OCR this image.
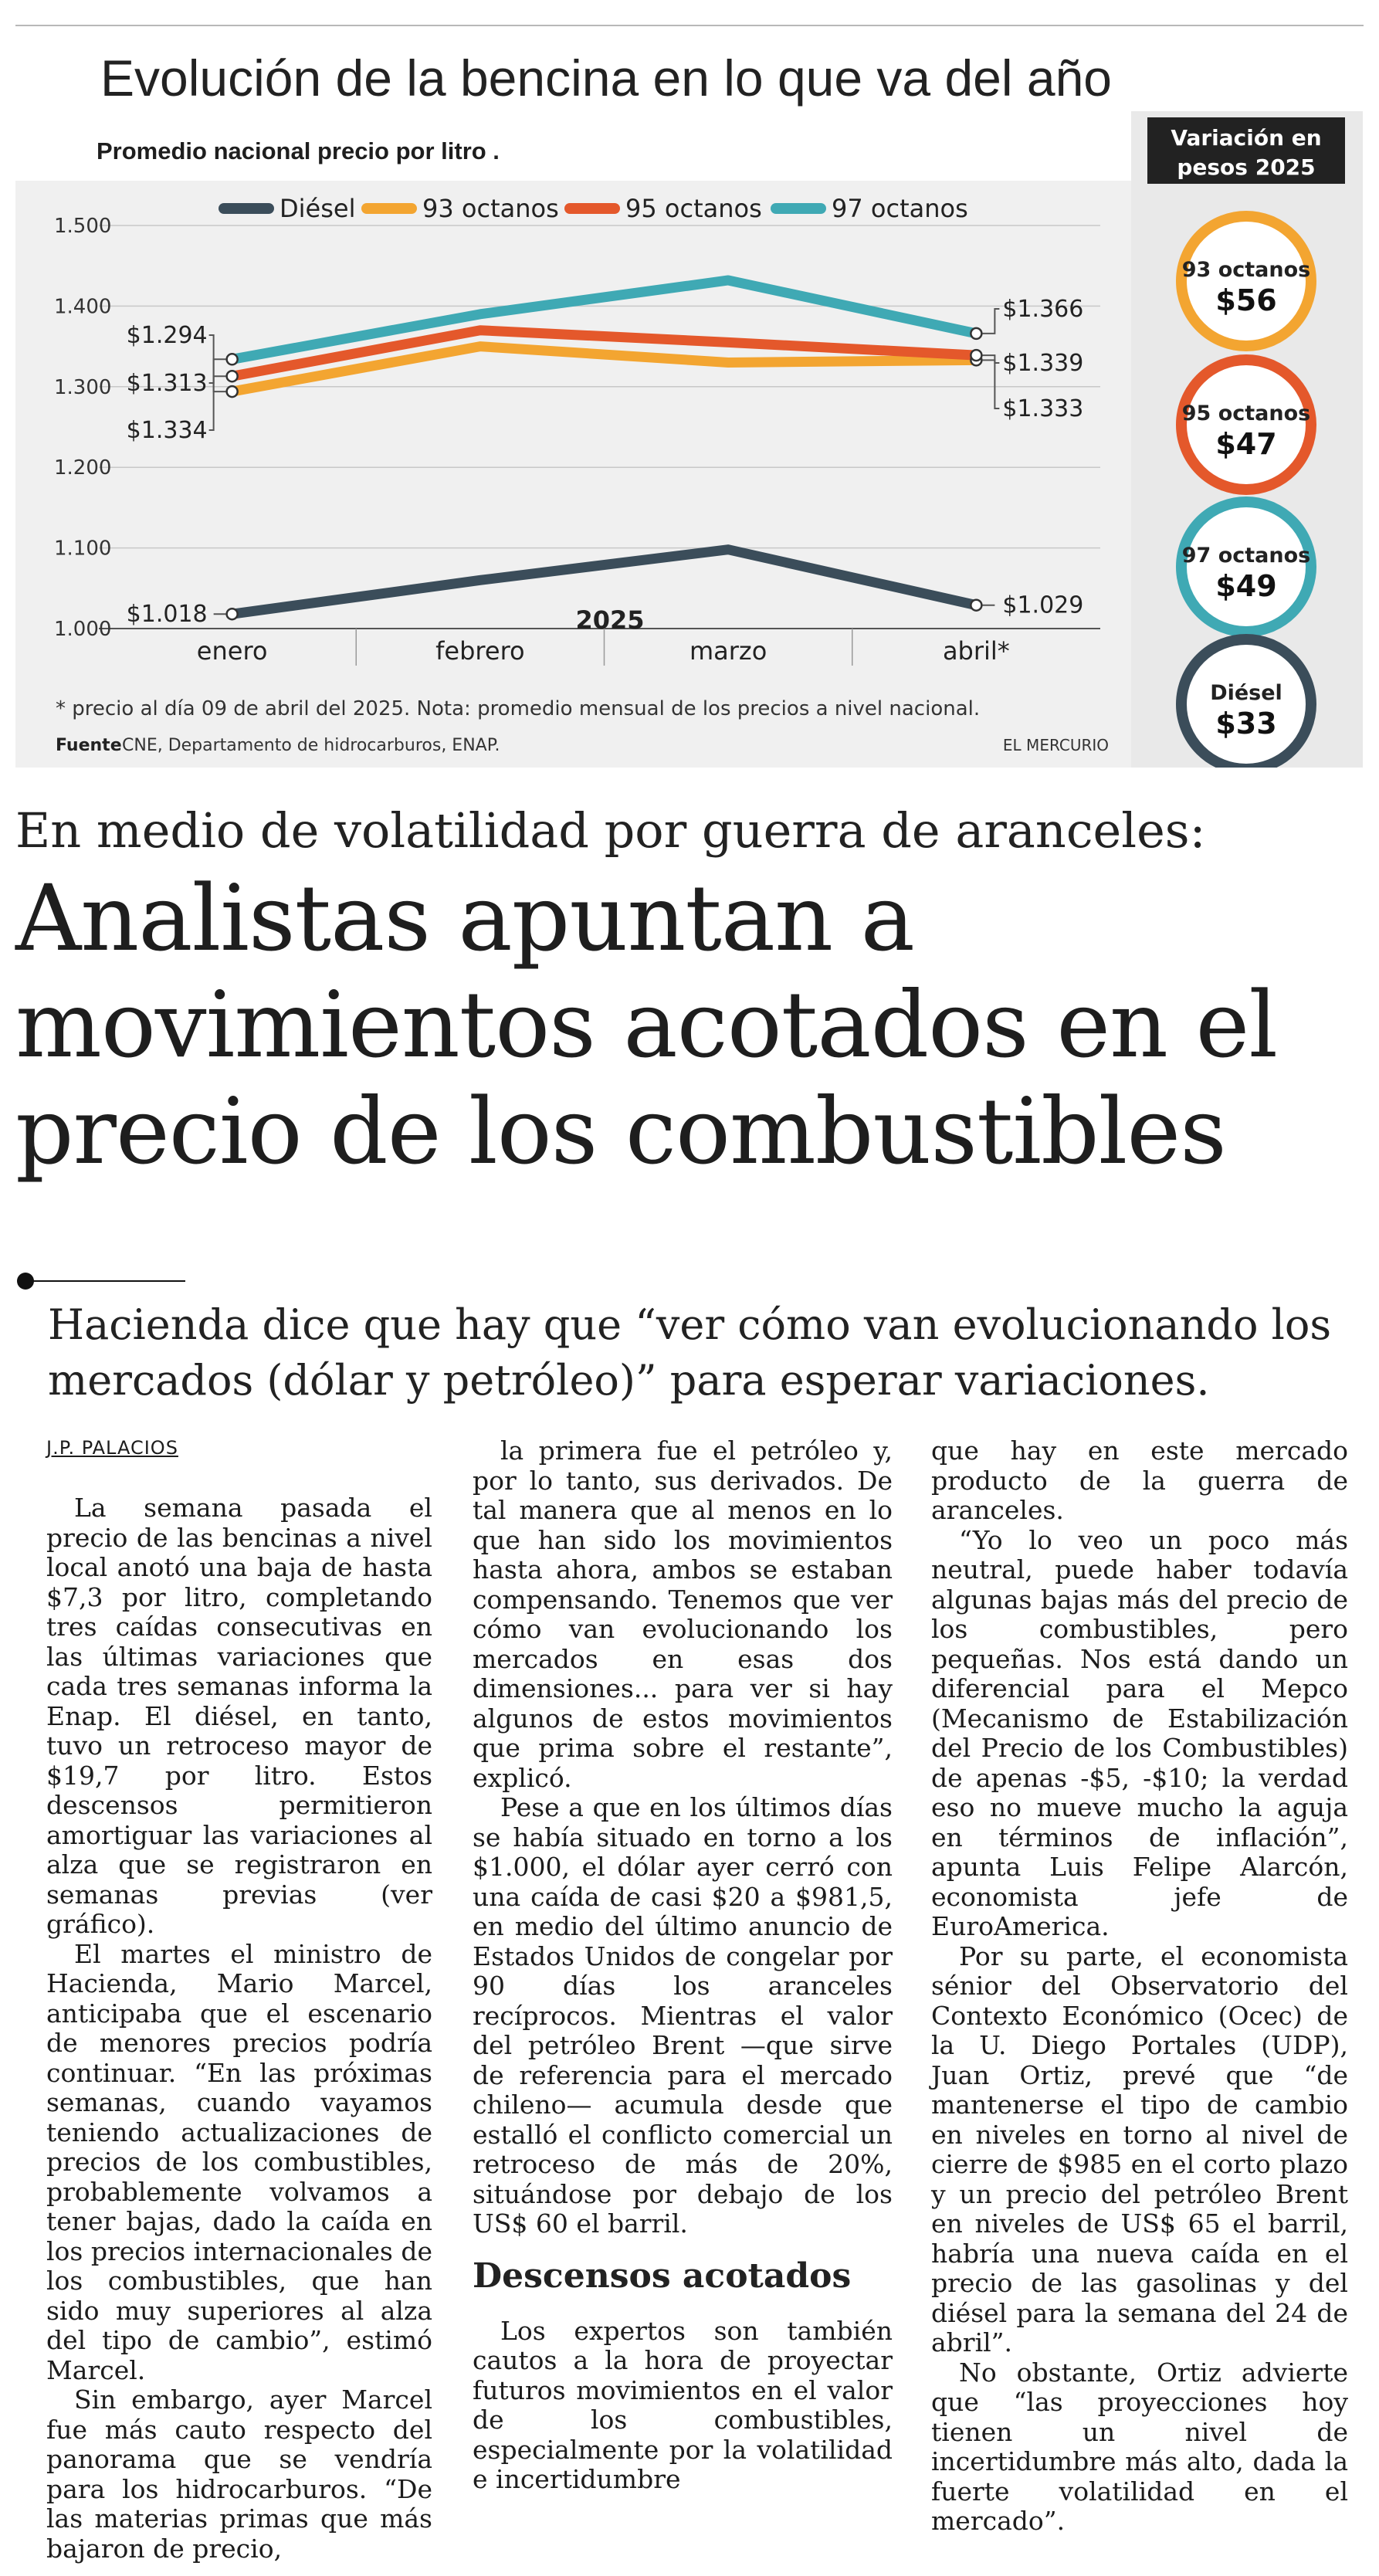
Evolución de la bencina en lo que va del año
Promedio nacional precio por litro .	Variación en
pesos 2025
1.000
1.100
1.200
1.300
1.400
1.500
enero	febrero	marzo	abril*
Diésel	93 octanos	95 octanos	97 octanos
$1.018	$1.029
$1.294
$1.333
$1.313
$1.339
$1.334
$1.366
93 octanos
$56
95 octanos
$47
97 octanos
$49
Diésel
$33
2025
* precio al día 09 de abril del 2025. Nota: promedio mensual de los precios a nivel nacional.
Fuente CNE, Departamento de hidrocarburos, ENAP.	EL MERCURIO
En medio de volatilidad por guerra de aranceles:
Analistas apuntan a movimientos acotados en el precio de los combustibles
Hacienda dice que hay que “ver cómo van evolucionando los mercados (dólar y petróleo)” para esperar variaciones.
J.P. PALACIOS

La semana pasada el precio de las bencinas a nivel local anotó una baja de hasta $7,3 por litro, completando tres caídas consecutivas en las últimas variaciones que cada tres semanas informa la Enap. El diésel, en tanto, tuvo un retroceso mayor de $19,7 por litro. Estos descensos permitieron amortiguar las variaciones al alza que se registraron en semanas previas (ver gráfico).

El martes el ministro de Hacienda, Mario Marcel, anticipaba que el escenario de menores precios podría continuar. “En las próximas semanas, cuando vayamos teniendo actualizaciones de precios de los combustibles, probablemente volvamos a tener bajas, dado la caída en los precios internacionales de los combustibles, que han sido muy superiores al alza del tipo de cambio”, estimó Marcel.

Sin embargo, ayer Marcel fue más cauto respecto del panorama que se vendría para los hidrocarburos. “De las materias primas que más bajaron de precio,

la primera fue el petróleo y, por lo tanto, sus derivados. De tal manera que al menos en lo que han sido los movimientos hasta ahora, ambos se estaban compensando. Tenemos que ver cómo van evolucionando los mercados en esas dos dimensiones... para ver si hay algunos de estos movimientos que prima sobre el restante”, explicó.

Pese a que en los últimos días se había situado en torno a los $1.000, el dólar ayer cerró con una caída de casi $20 a $981,5, en medio del último anuncio de Estados Unidos de congelar por 90 días los aranceles recíprocos. Mientras el valor del petróleo Brent —que sirve de referencia para el mercado chileno— acumula desde que estalló el conflicto comercial un retroceso de más de 20%, situándose por debajo de los US$ 60 el barril.

Descensos acotados

Los expertos son también cautos a la hora de proyectar futuros movimientos en el valor de los combustibles, especialmente por la volatilidad e incertidumbre

que hay en este mercado producto de la guerra de aranceles.

“Yo lo veo un poco más neutral, puede haber todavía algunas bajas más del precio de los combustibles, pero pequeñas. Nos está dando un diferencial para el Mepco (Mecanismo de Estabilización del Precio de los Combustibles) de apenas -$5, -$10; la verdad eso no mueve mucho la aguja en términos de inflación”, apunta Luis Felipe Alarcón, economista jefe de EuroAmerica.

Por su parte, el economista sénior del Observatorio del Contexto Económico (Ocec) de la U. Diego Portales (UDP), Juan Ortiz, prevé que “de mantenerse el tipo de cambio en niveles en torno al nivel de cierre de $985 en el corto plazo y un precio del petróleo Brent en niveles de US$ 65 el barril, habría una nueva caída en el precio de las gasolinas y del diésel para la semana del 24 de abril”.

No obstante, Ortiz advierte que “las proyecciones hoy tienen un nivel de incertidumbre más alto, dada la fuerte volatilidad en el mercado”.
